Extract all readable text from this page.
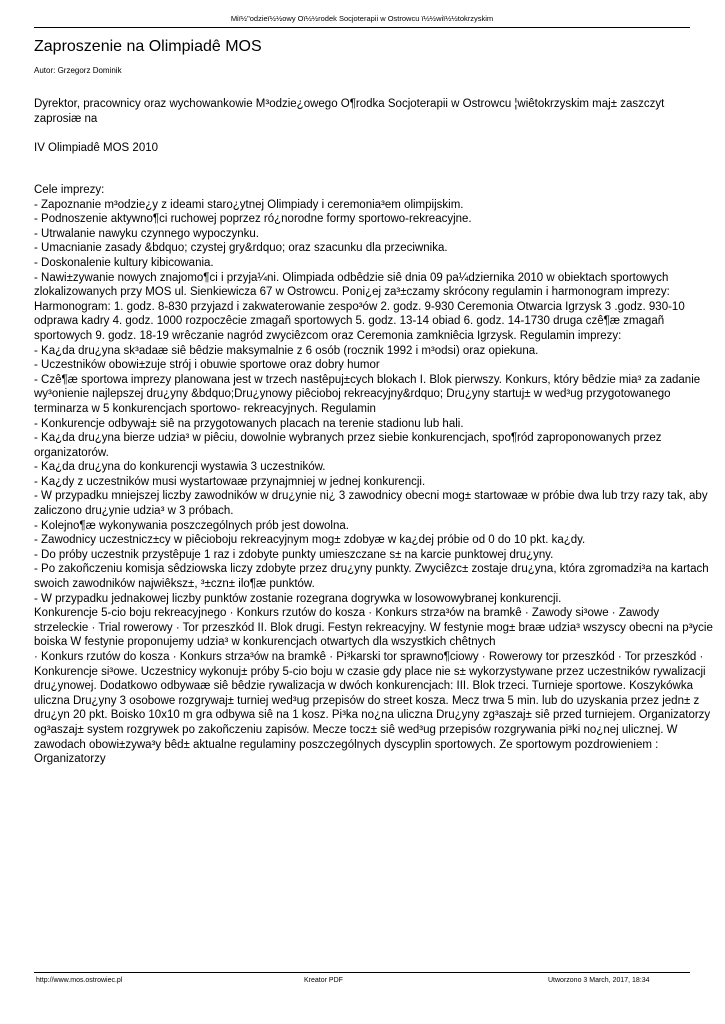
Miï½"odzieï½½owy Oï½½rodek Socjoterapii w Ostrowcu ï½½wiï½½tokrzyskim
Zaproszenie na Olimpiadê MOS
Autor: Grzegorz Dominik
Dyrektor, pracownicy oraz wychowankowie M³odzie¿owego O¶rodka Socjoterapii w Ostrowcu ¦wiêtokrzyskim maj± zaszczyt zaprosiæ na
IV Olimpiadê MOS 2010
Cele imprezy:
- Zapoznanie m³odzie¿y z ideami staro¿ytnej Olimpiady i ceremonia³em olimpijskim.
- Podnoszenie aktywno¶ci ruchowej poprzez ró¿norodne formy sportowo-rekreacyjne.
- Utrwalanie nawyku czynnego wypoczynku.
- Umacnianie zasady &bdquo; czystej gry&rdquo; oraz szacunku dla przeciwnika.
- Doskonalenie kultury kibicowania.
- Nawi±zywanie nowych znajomo¶ci i przyja¼ni. Olimpiada odbêdzie siê dnia 09 pa¼dziernika 2010 w obiektach sportowych zlokalizowanych przy MOS ul. Sienkiewicza 67 w Ostrowcu. Poni¿ej za³±czamy skrócony regulamin i harmonogram imprezy: Harmonogram: 1. godz. 8-830 przyjazd i zakwaterowanie zespo³ów 2. godz. 9-930 Ceremonia Otwarcia Igrzysk 3 .godz. 930-10 odprawa kadry 4. godz. 1000 rozpoczêcie zmagañ sportowych 5. godz. 13-14 obiad 6. godz. 14-1730 druga czê¶æ zmagañ sportowych 9. godz. 18-19 wrêczanie nagród zwyciêzcom oraz Ceremonia zamkniêcia Igrzysk. Regulamin imprezy:
- Ka¿da dru¿yna sk³adaæ siê bêdzie maksymalnie z 6 osób (rocznik 1992 i m³odsi) oraz opiekuna.
- Uczestników obowi±zuje strój i obuwie sportowe oraz dobry humor
- Czê¶æ sportowa imprezy planowana jest w trzech nastêpuj±cych blokach I. Blok pierwszy. Konkurs, który bêdzie mia³ za zadanie wy³onienie najlepszej dru¿yny &bdquo;Dru¿ynowy piêcioboj rekreacyjny&rdquo; Dru¿yny startuj± w wed³ug przygotowanego terminarza w 5 konkurencjach sportowo- rekreacyjnych. Regulamin
- Konkurencje odbywaj± siê na przygotowanych placach na terenie stadionu lub hali.
- Ka¿da dru¿yna bierze udzia³ w piêciu, dowolnie wybranych przez siebie konkurencjach, spo¶ród zaproponowanych przez organizatorów.
- Ka¿da dru¿yna do konkurencji wystawia 3 uczestników.
- Ka¿dy z uczestników musi wystartowaæ przynajmniej w jednej konkurencji.
- W przypadku mniejszej liczby zawodników w dru¿ynie ni¿ 3 zawodnicy obecni mog± startowaæ w próbie dwa lub trzy razy tak, aby zaliczono dru¿ynie udzia³ w 3 próbach.
- Kolejno¶æ wykonywania poszczególnych prób jest dowolna.
- Zawodnicy uczestnicz±cy w piêcioboju rekreacyjnym mog± zdobyæ w ka¿dej próbie od 0 do 10 pkt. ka¿dy.
- Do próby uczestnik przystêpuje 1 raz i zdobyte punkty umieszczane s± na karcie punktowej dru¿yny.
- Po zakoñczeniu komisja sêdziowska liczy zdobyte przez dru¿yny punkty. Zwyciêzc± zostaje dru¿yna, która zgromadzi³a na kartach swoich zawodników najwiêksz±, ³±czn± ilo¶æ punktów.
- W przypadku jednakowej liczby punktów zostanie rozegrana dogrywka w losowowybranej konkurencji.
Konkurencje 5-cio boju rekreacyjnego · Konkurs rzutów do kosza · Konkurs strza³ów na bramkê · Zawody si³owe · Zawody strzeleckie · Trial rowerowy · Tor przeszkód II. Blok drugi. Festyn rekreacyjny. W festynie mog± braæ udzia³ wszyscy obecni na p³ycie boiska W festynie proponujemy udzia³ w konkurencjach otwartych dla wszystkich chêtnych
· Konkurs rzutów do kosza · Konkurs strza³ów na bramkê · Pi³karski tor sprawno¶ciowy · Rowerowy tor przeszkód · Tor przeszkód · Konkurencje si³owe. Uczestnicy wykonuj± próby 5-cio boju w czasie gdy place nie s± wykorzystywane przez uczestników rywalizacji dru¿ynowej. Dodatkowo odbywaæ siê bêdzie rywalizacja w dwóch konkurencjach: III. Blok trzeci. Turnieje sportowe. Koszykówka uliczna Dru¿yny 3 osobowe rozgrywaj± turniej wed³ug przepisów do street kosza. Mecz trwa 5 min. lub do uzyskania przez jedn± z dru¿yn 20 pkt. Boisko 10x10 m gra odbywa siê na 1 kosz. Pi³ka no¿na uliczna Dru¿yny zg³aszaj± siê przed turniejem. Organizatorzy og³aszaj± system rozgrywek po zakoñczeniu zapisów. Mecze tocz± siê wed³ug przepisów rozgrywania pi³ki no¿nej ulicznej. W zawodach obowi±zywa³y bêd± aktualne regulaminy poszczególnych dyscyplin sportowych. Ze sportowym pozdrowieniem : Organizatorzy
http://www.mos.ostrowiec.pl	Kreator PDF	Utworzono 3 March, 2017, 18:34
